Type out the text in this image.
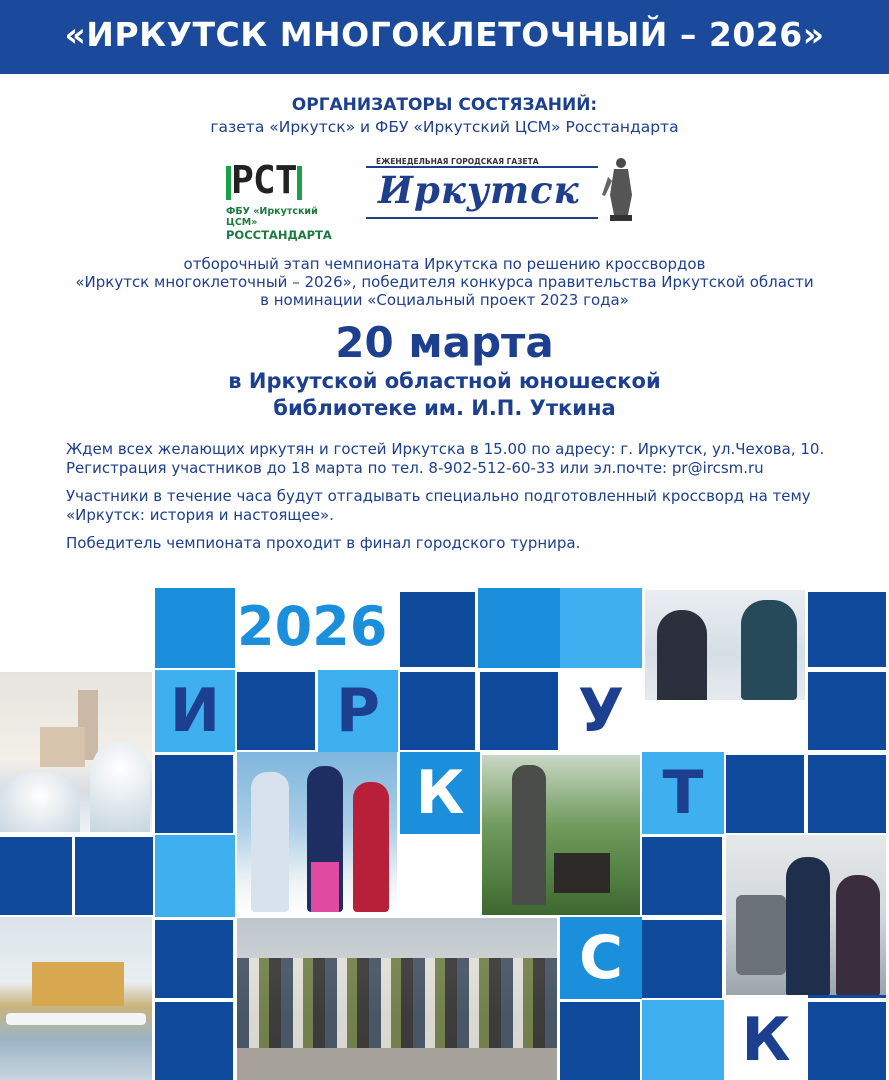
«ИРКУТСК МНОГОКЛЕТОЧНЫЙ – 2026»
ОРГАНИЗАТОРЫ СОСТЯЗАНИЙ:
газета «Иркутск» и ФБУ «Иркутский ЦСМ» Росстандарта
РСТ
ФБУ «Иркутский ЦСМ»
РОССТАНДАРТА
ЕЖЕНЕДЕЛЬНАЯ ГОРОДСКАЯ ГАЗЕТА
Иркутск
отборочный этап чемпионата Иркутска по решению кроссвордов
«Иркутск многоклеточный – 2026», победителя конкурса правительства Иркутской области
в номинации «Социальный проект 2023 года»
20 марта
в Иркутской областной юношеской
библиотеке им. И.П. Уткина

Ждем всех желающих иркутян и гостей Иркутска в 15.00 по адресу: г. Иркутск, ул.Чехова, 10.
Регистрация участников до 18 марта по тел. 8-902-512-60-33 или эл.почте: pr@ircsm.ru

Участники в течение часа будут отгадывать специально подготовленный кроссворд на тему
«Иркутск: история и настоящее».

Победитель чемпионата проходит в финал городского турнира.

И Р
К
У
Т
С
К
2026
